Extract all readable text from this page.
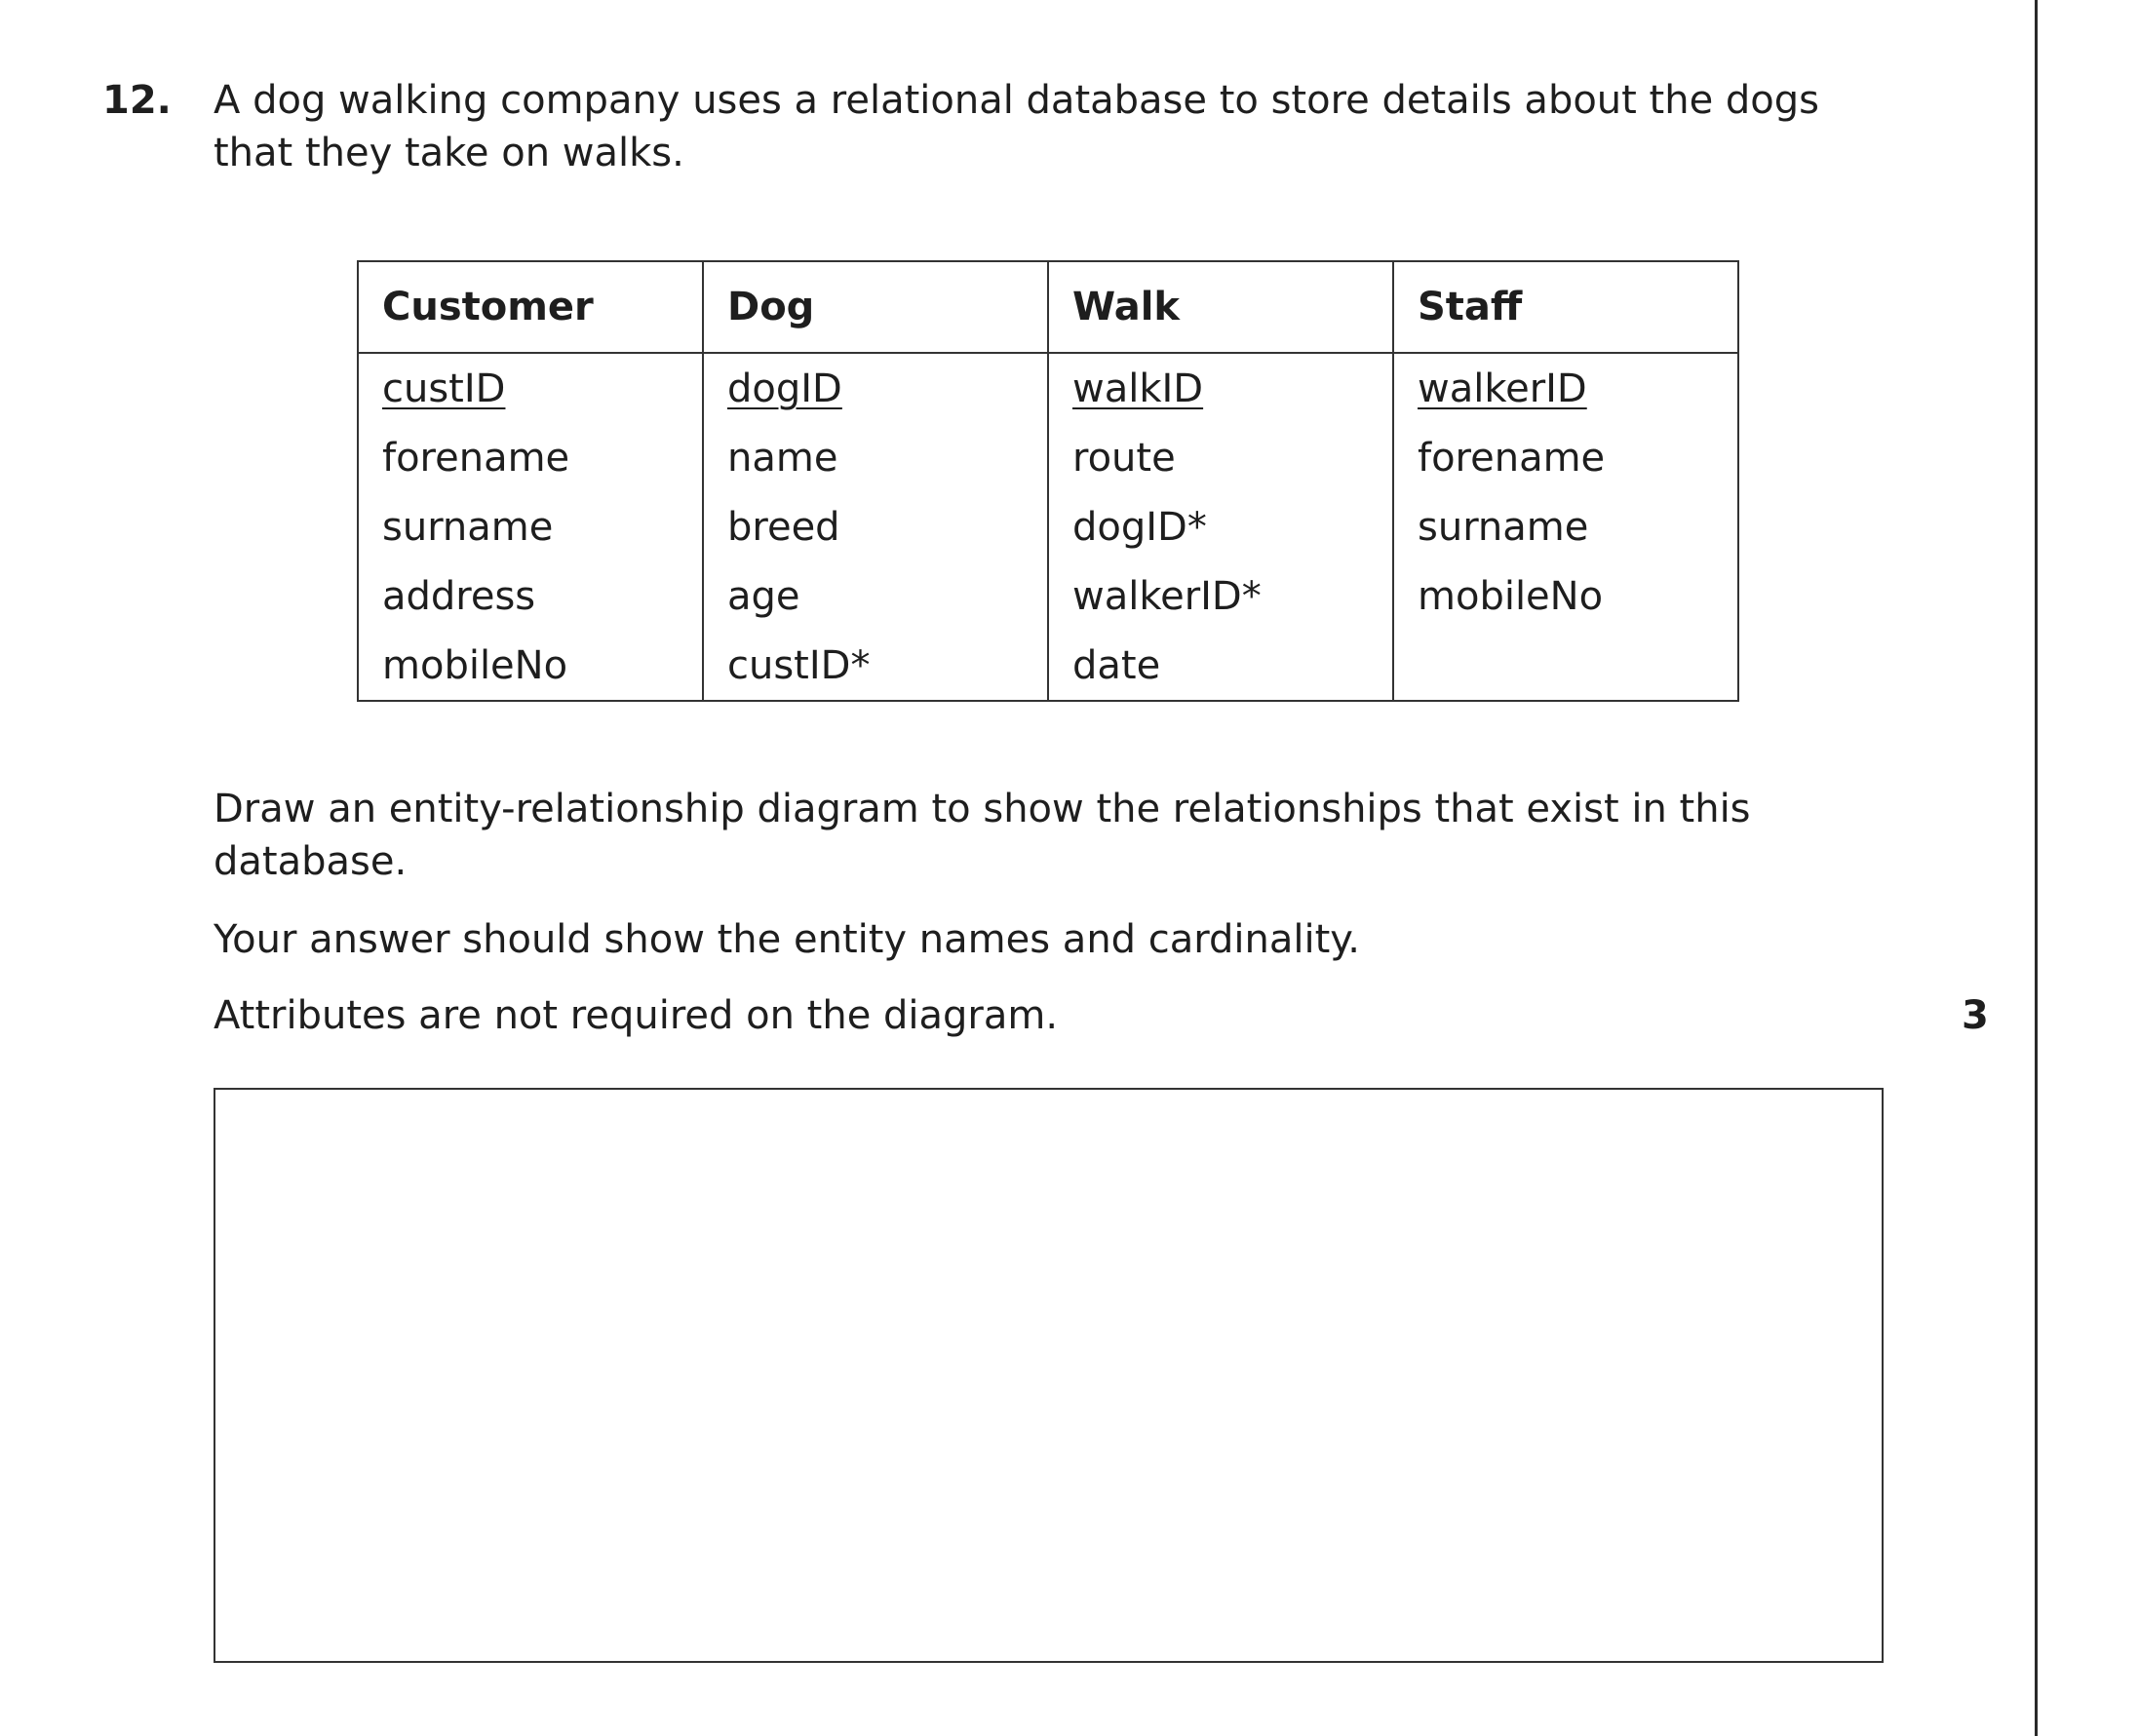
12. A dog walking company uses a relational database to store details about the dogs
that they take on walks.
Customer	Dog	Walk	Staff
custID	dogID	walkID	walkerID
forename	name	route	forename
surname	breed	dogID*	surname
address	age	walkerID*	mobileNo
mobileNo	custID*	date	
Draw an entity-relationship diagram to show the relationships that exist in this
database.
Your answer should show the entity names and cardinality.
Attributes are not required on the diagram.	3
